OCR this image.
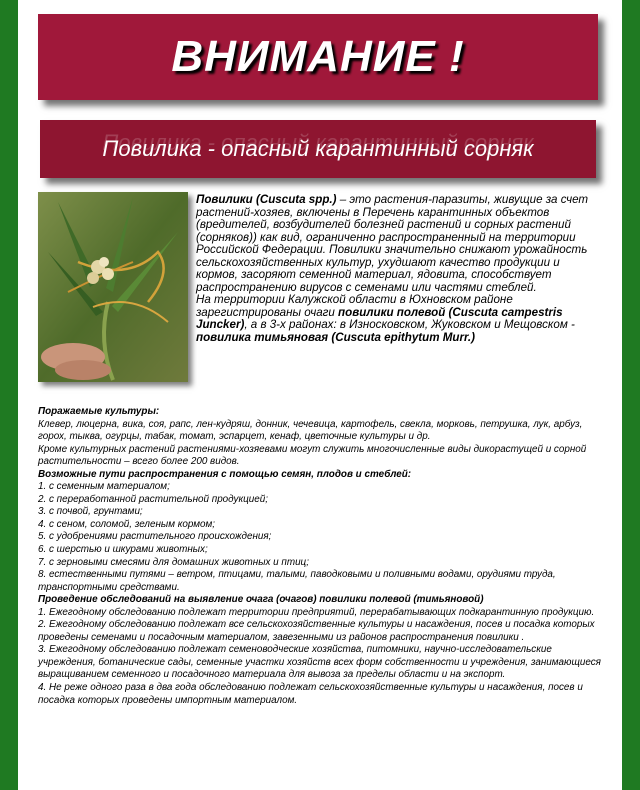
ВНИМАНИЕ !
Повилика - опасный карантинный сорняк
Повилики (Cuscuta spp.) – это растения-паразиты, живущие за счет растений-хозяев, включены в Перечень карантинных объектов (вредителей, возбудителей болезней растений и сорных растений (сорняков)) как вид, ограниченно распространенный на территории Российской Федерации. Повилики значительно снижают урожайность сельскохозяйственных культур, ухудшают качество продукции и кормов, засоряют семенной материал, ядовита, способствует распространению вирусов с семенами или частями стеблей.
На территории Калужской области в Юхновском районе зарегистрированы очаги повилики полевой (Cuscuta campestris Juncker), а в 3-х районах: в Износковском, Жуковском и Мещовском - повилика тимьяновая (Cuscuta epithytum Murr.)
Поражаемые культуры:
Клевер, люцерна, вика, соя, рапс, лен-кудряш, донник, чечевица, картофель, свекла, морковь, петрушка, лук, арбуз, горох, тыква, огурцы, табак, томат, эспарцет, кенаф, цветочные культуры и др.
Кроме культурных растений растениями-хозяевами могут служить многочисленные виды дикорастущей и сорной растительности – всего более 200 видов.
Возможные пути распространения с помощью семян, плодов и стеблей:
1. с семенным материалом;
2. с переработанной растительной продукцией;
3. с почвой, грунтами;
4. с сеном, соломой, зеленым кормом;
5. с удобрениями растительного происхождения;
6. с шерстью и шкурами животных;
7. с зерновыми смесями для домашних животных и птиц;
8. естественными путями – ветром, птицами, талыми, паводковыми и поливными водами, орудиями труда, транспортными средствами.
Проведение обследований на выявление очага (очагов) повилики полевой (тимьяновой)
1. Ежегодному обследованию подлежат территории предприятий, перерабатывающих подкарантинную продукцию.
2. Ежегодному обследованию подлежат все сельскохозяйственные культуры и насаждения, посев и посадка которых проведены семенами и посадочным материалом, завезенными из районов распространения повилики .
3. Ежегодному обследованию подлежат семеноводческие хозяйства, питомники, научно-исследовательские учреждения, ботанические сады, семенные участки хозяйств всех форм собственности и учреждения, занимающиеся выращиванием семенного и посадочного материала для вывоза за пределы области и на экспорт.
4. Не реже одного раза в два года обследованию подлежат сельскохозяйственные культуры и насаждения, посев и посадка которых проведены импортным материалом.
